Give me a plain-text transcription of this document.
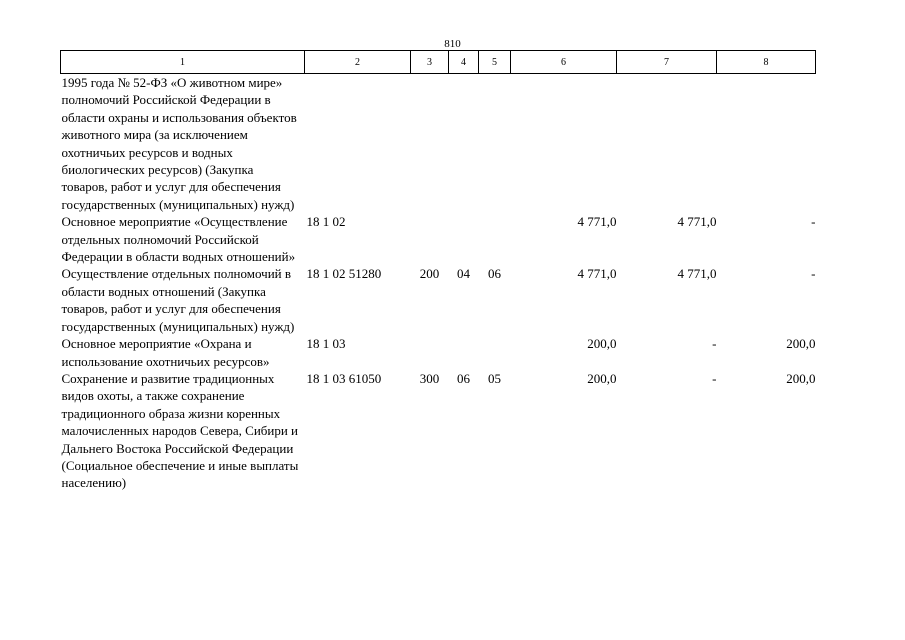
810
1	2	3	4	5	6	7	8
1995 года № 52-ФЗ «О животном мире» полномочий Российской Федерации в области охраны и использования объектов животного мира (за исключением охотничьих ресурсов и водных биологических ресурсов) (Закупка товаров, работ и услуг для обеспечения государственных (муниципальных) нужд)							
Основное мероприятие «Осуществление отдельных полномочий Российской Федерации в области водных отношений»	18 1 02				4 771,0	4 771,0	-
Осуществление отдельных полномочий в области водных отношений (Закупка товаров, работ и услуг для обеспечения государственных (муниципальных) нужд)	18 1 02 51280	200	04	06	4 771,0	4 771,0	-
Основное мероприятие «Охрана и использование охотничьих ресурсов»	18 1 03				200,0	-	200,0
Сохранение и развитие традиционных видов охоты, а также сохранение традиционного образа жизни коренных малочисленных народов Севера, Сибири и Дальнего Востока Российской Федерации (Социальное обеспечение и иные выплаты населению)	18 1 03 61050	300	06	05	200,0	-	200,0
